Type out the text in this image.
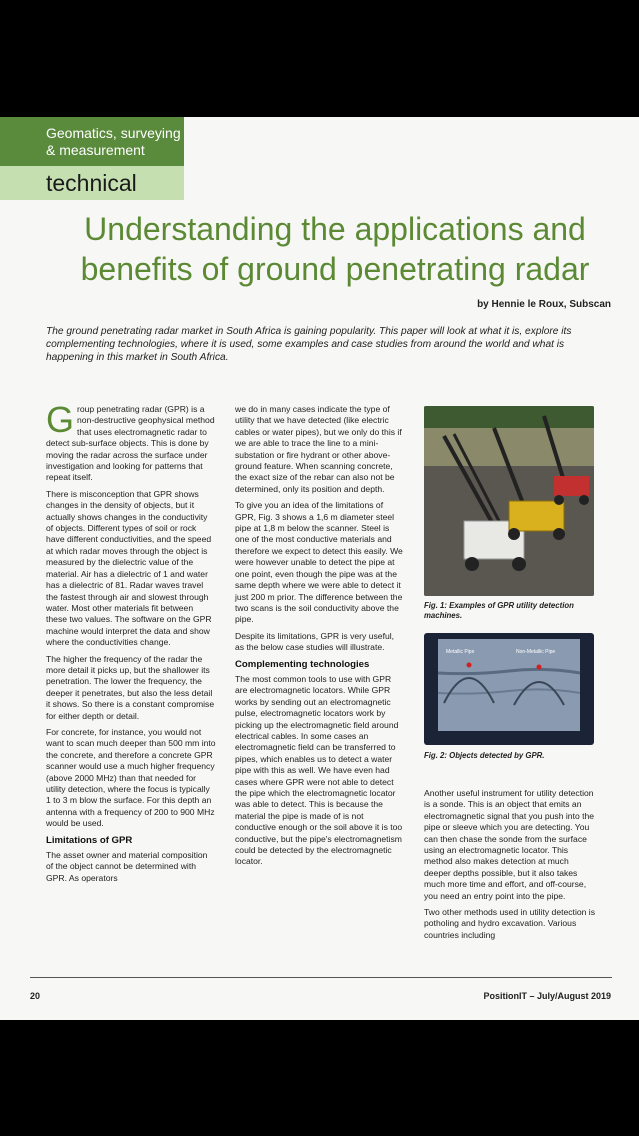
Geomatics, surveying
& measurement
technical
Understanding the applications and
benefits of ground penetrating radar
by Hennie le Roux, Subscan
The ground penetrating radar market in South Africa is gaining popularity. This paper will look at what it is, explore its complementing technologies, where it is used, some examples and case studies from around the world and what is happening in this market in South Africa.

Group penetrating radar (GPR) is a non-destructive geophysical method that uses electromagnetic radar to detect sub-surface objects. This is done by moving the radar across the surface under investigation and looking for patterns that repeat itself.

There is misconception that GPR shows changes in the density of objects, but it actually shows changes in the conductivity of objects. Different types of soil or rock have different conductivities, and the speed at which radar moves through the object is measured by the dielectric value of the material. Air has a dielectric of 1 and water has a dielectric of 81. Radar waves travel the fastest through air and slowest through water. Most other materials fit between these two values. The software on the GPR machine would interpret the data and show where the conductivities change.

The higher the frequency of the radar the more detail it picks up, but the shallower its penetration. The lower the frequency, the deeper it penetrates, but also the less detail it shows. So there is a constant compromise for either depth or detail.

For concrete, for instance, you would not want to scan much deeper than 500 mm into the concrete, and therefore a concrete GPR scanner would use a much higher frequency (above 2000 MHz) than that needed for utility detection, where the focus is typically 1 to 3 m blow the surface. For this depth an antenna with a frequency of 200 to 900 MHz would be used.

Limitations of GPR

The asset owner and material composition of the object cannot be determined with GPR. As operators

we do in many cases indicate the type of utility that we have detected (like electric cables or water pipes), but we only do this if we are able to trace the line to a mini-substation or fire hydrant or other above-ground feature. When scanning concrete, the exact size of the rebar can also not be determined, only its position and depth.

To give you an idea of the limitations of GPR, Fig. 3 shows a 1,6 m diameter steel pipe at 1,8 m below the scanner. Steel is one of the most conductive materials and therefore we expect to detect this easily. We were however unable to detect the pipe at one point, even though the pipe was at the same depth where we were able to detect it just 200 m prior. The difference between the two scans is the soil conductivity above the pipe.

Despite its limitations, GPR is very useful, as the below case studies will illustrate.

Complementing technologies

The most common tools to use with GPR are electromagnetic locators. While GPR works by sending out an electromagnetic pulse, electromagnetic locators work by picking up the electromagnetic field around electrical cables. In some cases an electromagnetic field can be transferred to pipes, which enables us to detect a water pipe with this as well. We have even had cases where GPR were not able to detect the pipe which the electromagnetic locator was able to detect. This is because the material the pipe is made of is not conductive enough or the soil above it is too conductive, but the pipe's electromagnetism could be detected by the electromagnetic locator.

Fig. 1: Examples of GPR utility detection machines.
Metallic Pipe	Non-Metallic Pipe
Fig. 2: Objects detected by GPR.

Another useful instrument for utility detection is a sonde. This is an object that emits an electromagnetic signal that you push into the pipe or sleeve which you are detecting. You can then chase the sonde from the surface using an electromagnetic locator. This method also makes detection at much deeper depths possible, but it also takes much more time and effort, and off-course, you need an entry point into the pipe.

Two other methods used in utility detection is potholing and hydro excavation. Various countries including

20	PositionIT – July/August 2019
